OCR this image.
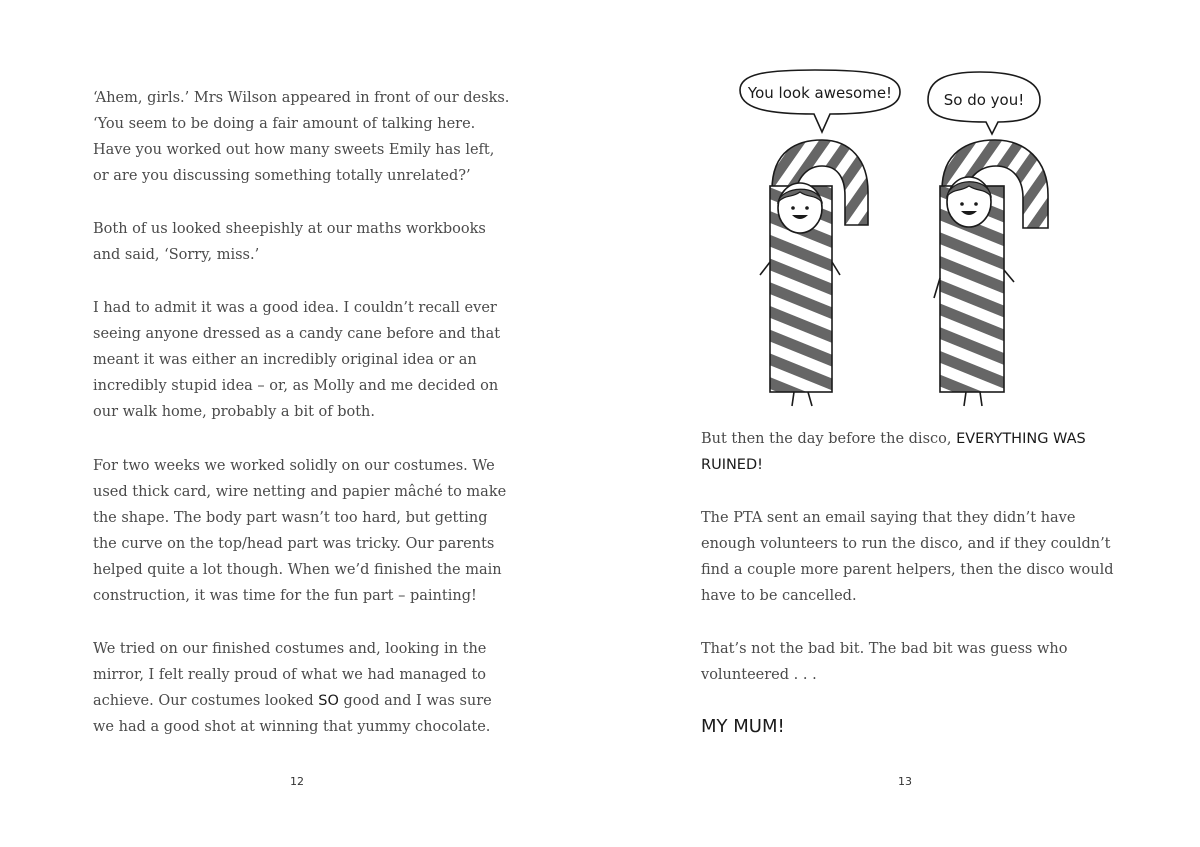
‘Ahem, girls.’ Mrs Wilson appeared in front of our desks. ‘You seem to be doing a fair amount of talking here. Have you worked out how many sweets Emily has left, or are you discussing something totally unrelated?’

Both of us looked sheepishly at our maths workbooks and said, ‘Sorry, miss.’

I had to admit it was a good idea. I couldn’t recall ever seeing anyone dressed as a candy cane before and that meant it was either an incredibly original idea or an incredibly stupid idea – or, as Molly and me decided on our walk home, probably a bit of both.

For two weeks we worked solidly on our costumes. We used thick card, wire netting and papier mâché to make the shape. The body part wasn’t too hard, but getting the curve on the top/head part was tricky. Our parents helped quite a lot though. When we’d finished the main construction, it was time for the fun part – painting!

We tried on our finished costumes and, looking in the mirror, I felt really proud of what we had managed to achieve. Our costumes looked SO good and I was sure we had a good shot at winning that yummy chocolate.

12
You look awesome!	So do you!

But then the day before the disco, EVERYTHING WAS RUINED!

The PTA sent an email saying that they didn’t have enough volunteers to run the disco, and if they couldn’t find a couple more parent helpers, then the disco would have to be cancelled.

That’s not the bad bit. The bad bit was guess who volunteered . . .

MY MUM!

13
